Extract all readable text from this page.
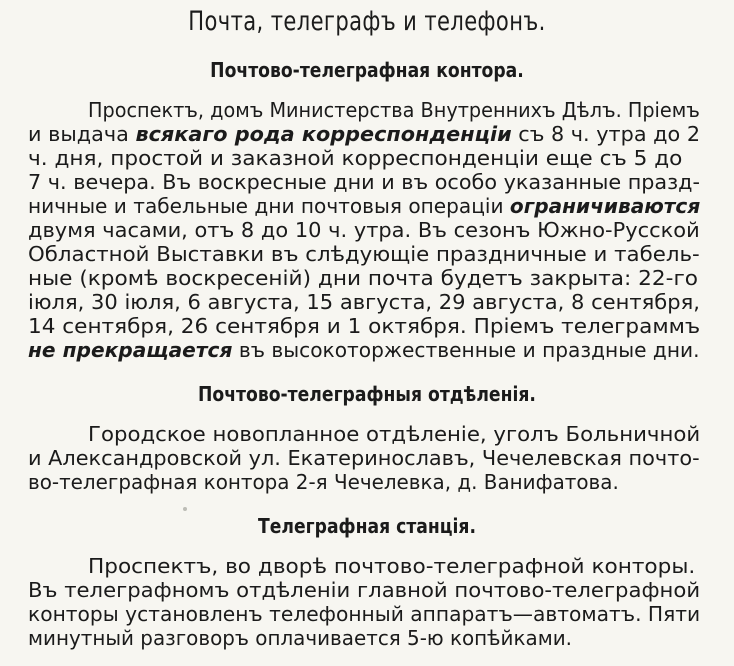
Почта, телеграфъ и телефонъ.
Почтово-телеграфная контора.
Проспектъ, домъ Министерства Внутреннихъ Дѣлъ. Пріемъ
и выдача всякаго рода корреспонденціи съ 8 ч. утра до 2
ч. дня, простой и заказной корреспонденціи еще съ 5 до
7 ч. вечера. Въ воскресные дни и въ особо указанные празд-
ничные и табельные дни почтовыя операціи ограничиваются
двумя часами, отъ 8 до 10 ч. утра. Въ сезонъ Южно-Русской
Областной Выставки въ слѣдующіе праздничные и табель-
ные (кромѣ воскресеній) дни почта будетъ закрыта: 22-го
іюля, 30 іюля, 6 августа, 15 августа, 29 августа, 8 сентября,
14 сентября, 26 сентября и 1 октября. Пріемъ телеграммъ
не прекращается въ высокоторжественные и праздные дни.
Почтово-телеграфныя отдѣленія.
Городское новопланное отдѣленіе, уголъ Больничной
и Александровской ул. Екатеринославъ, Чечелевская почто-
во-телеграфная контора 2-я Чечелевка, д. Ванифатова.
Телеграфная станція.
Проспектъ, во дворѣ почтово-телеграфной конторы.
Въ телеграфномъ отдѣленіи главной почтово-телеграфной
конторы установленъ телефонный аппаратъ—автоматъ. Пяти
минутный разговоръ оплачивается 5-ю копѣйками.
